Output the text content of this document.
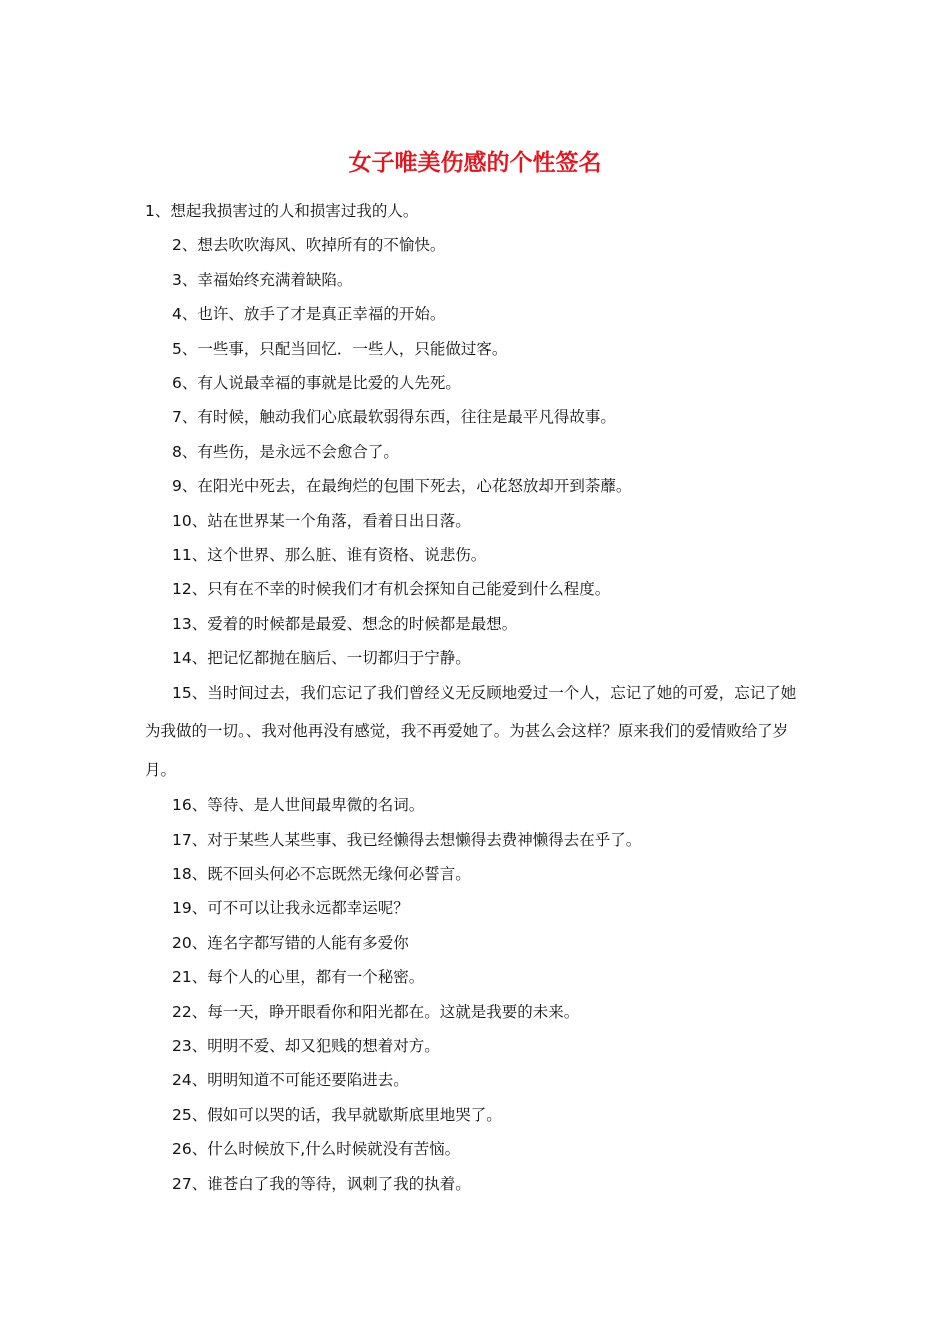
女子唯美伤感的个性签名

1、想起我损害过的人和损害过我的人。

2、想去吹吹海风、吹掉所有的不愉快。

3、幸福始终充满着缺陷。

4、也许、放手了才是真正幸福的开始。

5、一些事，只配当回忆．一些人，只能做过客。

6、有人说最幸福的事就是比爱的人先死。

7、有时候，触动我们心底最软弱得东西，往往是最平凡得故事。

8、有些伤，是永远不会愈合了。

9、在阳光中死去，在最绚烂的包围下死去，心花怒放却开到荼蘼。

10、站在世界某一个角落，看着日出日落。

11、这个世界、那么脏、谁有资格、说悲伤。

12、只有在不幸的时候我们才有机会探知自己能爱到什么程度。

13、爱着的时候都是最爱、想念的时候都是最想。

14、把记忆都抛在脑后、一切都归于宁静。

15、当时间过去，我们忘记了我们曾经义无反顾地爱过一个人，忘记了她的可爱，忘记了她为我做的一切。、我对他再没有感觉，我不再爱她了。为甚么会这样？原来我们的爱情败给了岁月。

16、等待、是人世间最卑微的名词。

17、对于某些人某些事、我已经懒得去想懒得去费神懒得去在乎了。

18、既不回头何必不忘既然无缘何必誓言。

19、可不可以让我永远都幸运呢？

20、连名字都写错的人能有多爱你

21、每个人的心里，都有一个秘密。

22、每一天，睁开眼看你和阳光都在。这就是我要的未来。

23、明明不爱、却又犯贱的想着对方。

24、明明知道不可能还要陷进去。

25、假如可以哭的话，我早就歇斯底里地哭了。

26、什么时候放下,什么时候就没有苦恼。

27、谁苍白了我的等待，讽刺了我的执着。
